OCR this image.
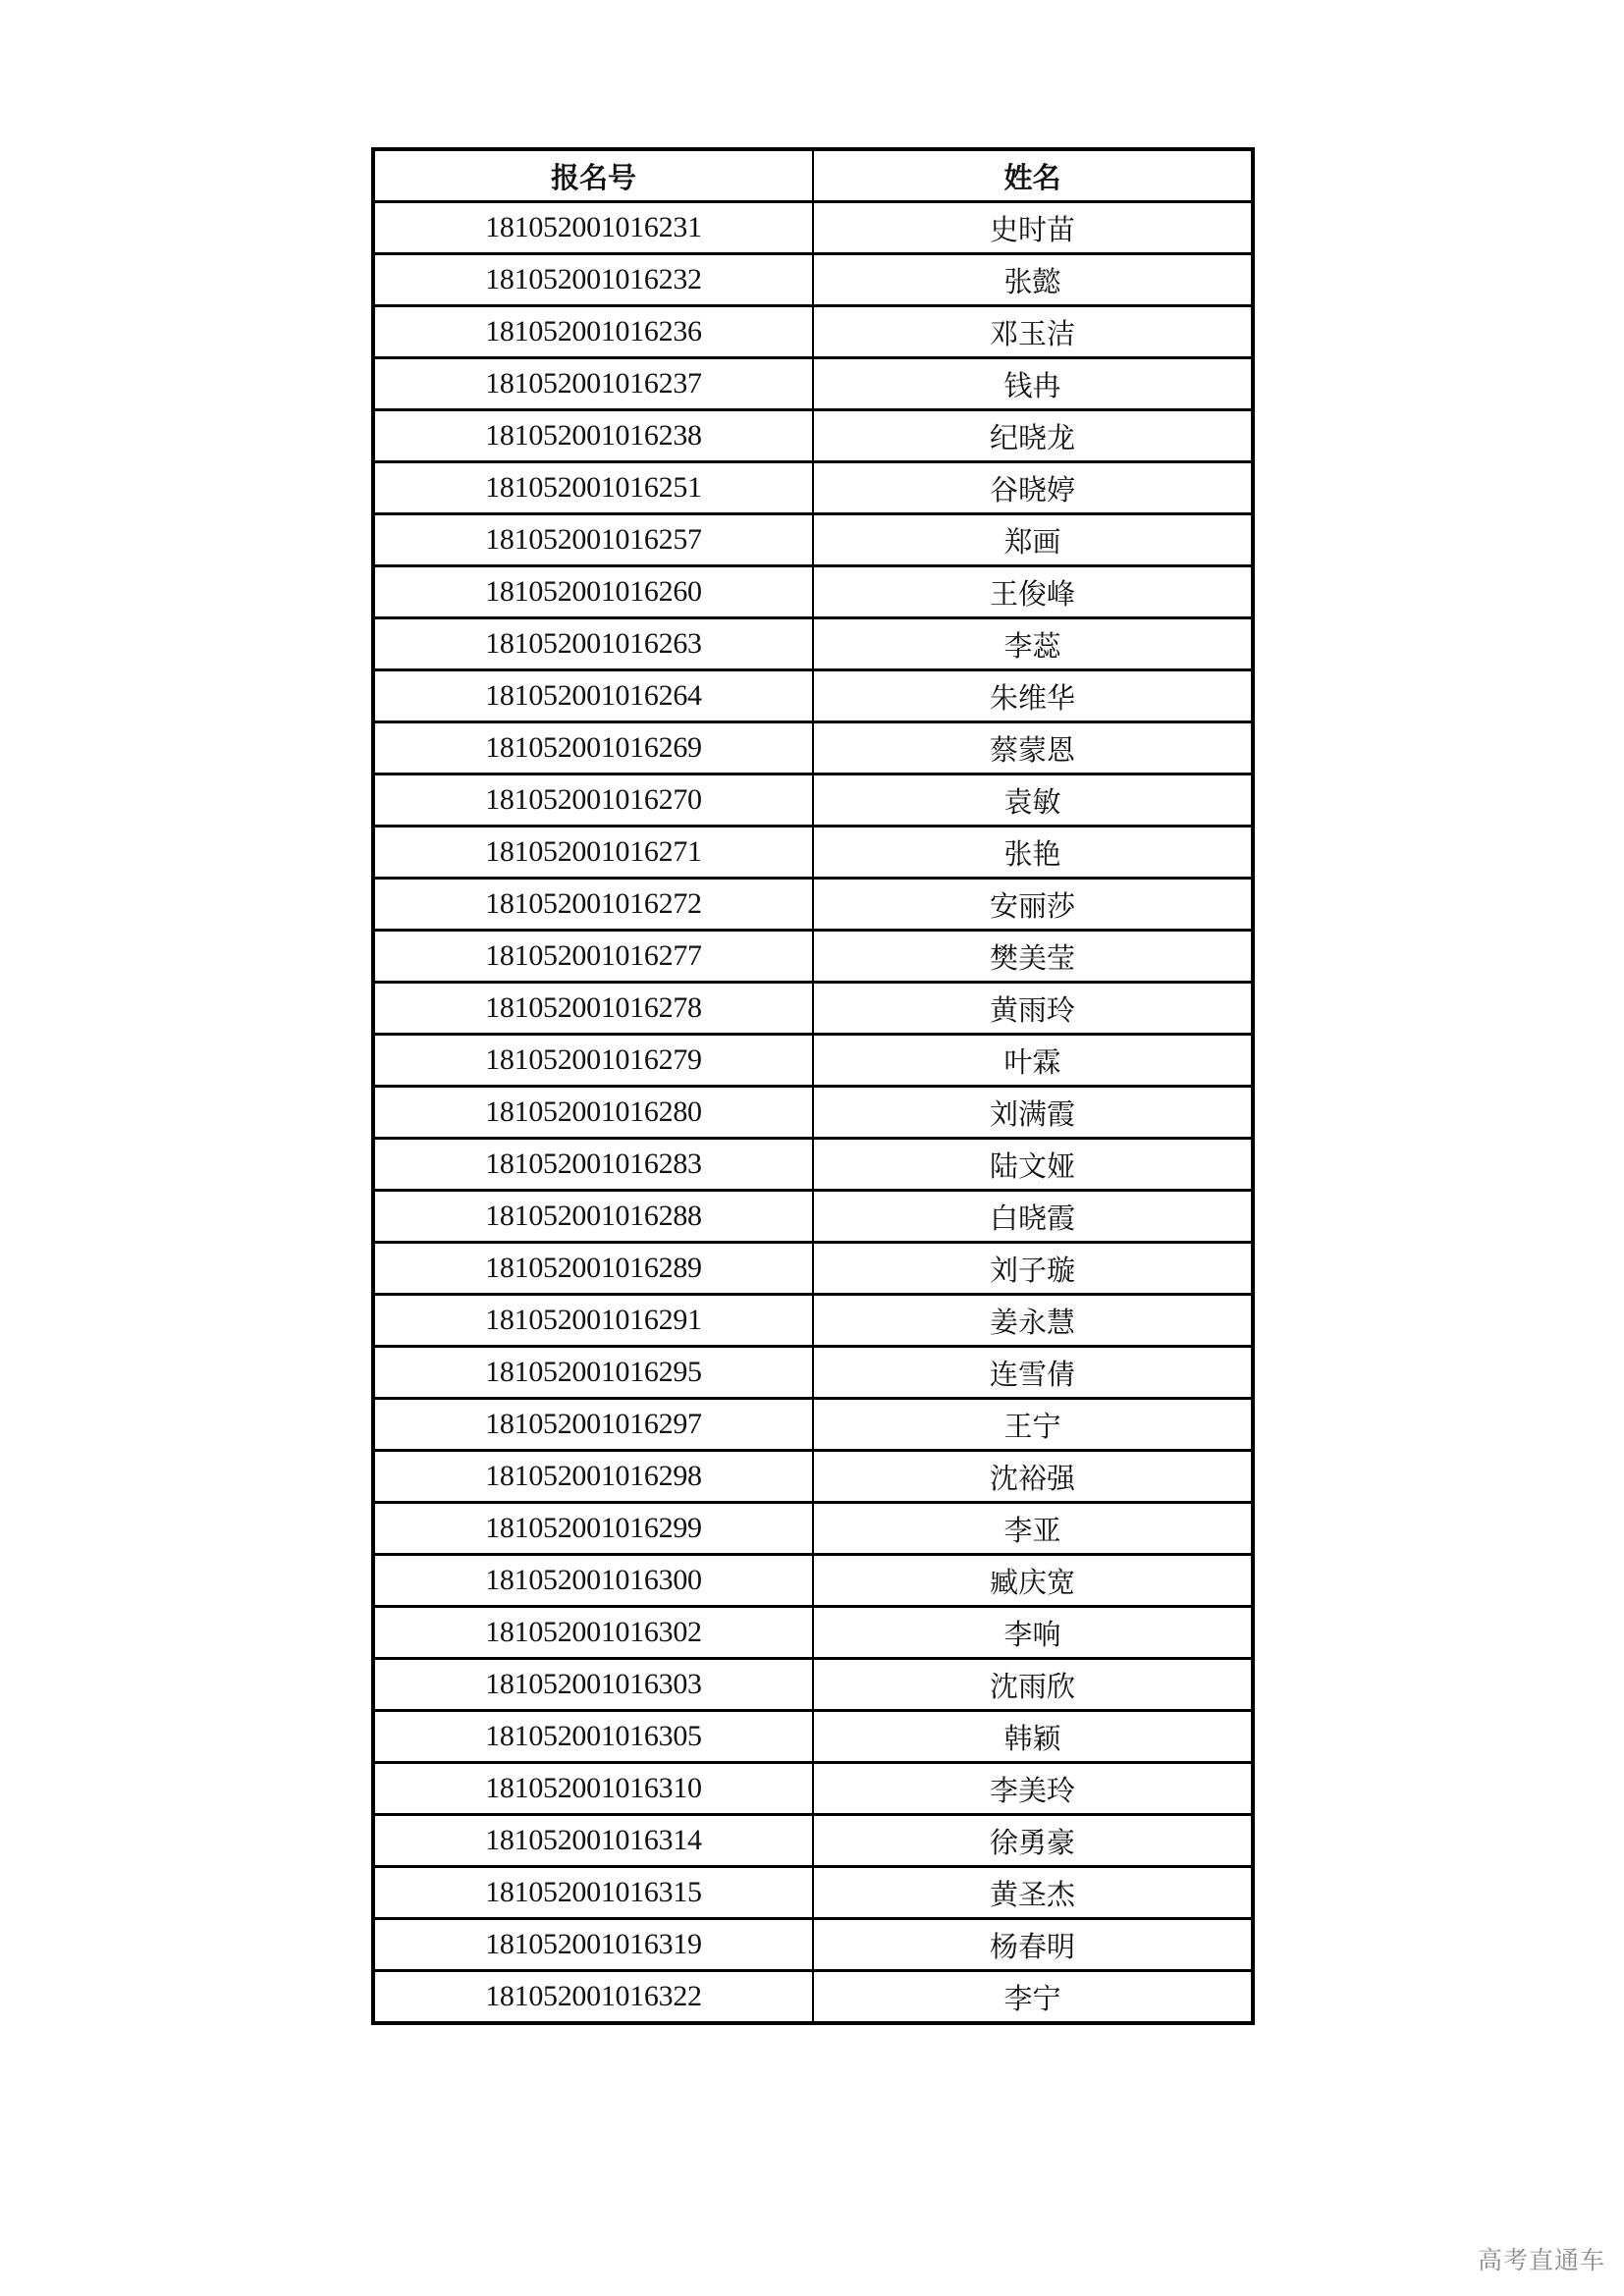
报名号	姓名
181052001016231	史时苗
181052001016232	张懿
181052001016236	邓玉洁
181052001016237	钱冉
181052001016238	纪晓龙
181052001016251	谷晓婷
181052001016257	郑画
181052001016260	王俊峰
181052001016263	李蕊
181052001016264	朱维华
181052001016269	蔡蒙恩
181052001016270	袁敏
181052001016271	张艳
181052001016272	安丽莎
181052001016277	樊美莹
181052001016278	黄雨玲
181052001016279	叶霖
181052001016280	刘满霞
181052001016283	陆文娅
181052001016288	白晓霞
181052001016289	刘子璇
181052001016291	姜永慧
181052001016295	连雪倩
181052001016297	王宁
181052001016298	沈裕强
181052001016299	李亚
181052001016300	臧庆宽
181052001016302	李响
181052001016303	沈雨欣
181052001016305	韩颖
181052001016310	李美玲
181052001016314	徐勇豪
181052001016315	黄圣杰
181052001016319	杨春明
181052001016322	李宁
高考直通车
